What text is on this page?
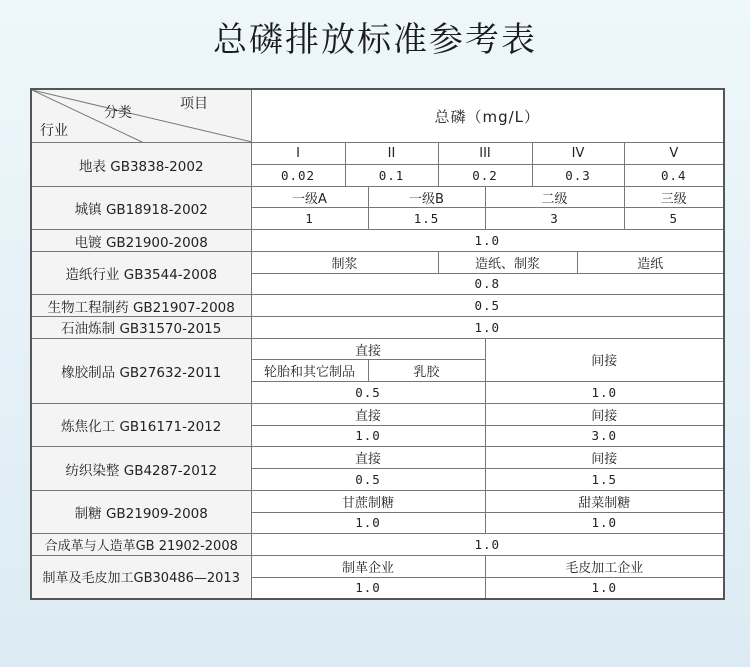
总磷排放标准参考表
项目
分类
行业	总磷（mg/L）							
地表 GB3838-2002	I	II		III		IV		V
	0.02	0.1		0.2		0.3		0.4
城镇 GB18918-2002	一级A		一级B		二级			三级
	1		1.5		3			5
电镀 GB21900-2008	1.0							
造纸行业 GB3544-2008	制浆			造纸、制浆			造纸	
	0.8							
生物工程制药 GB21907-2008	0.5							
石油炼制 GB31570-2015	1.0							
橡胶制品 GB27632-2011	直接				间接			
	轮胎和其它制品		乳胶					
	0.5				1.0			
炼焦化工 GB16171-2012	直接				间接			
	1.0				3.0			
纺织染整 GB4287-2012	直接				间接			
	0.5				1.5			
制糖 GB21909-2008	甘蔗制糖				甜菜制糖			
	1.0				1.0			
合成革与人造革GB 21902-2008	1.0							
制革及毛皮加工GB30486—2013	制革企业				毛皮加工企业			
	1.0				1.0			
